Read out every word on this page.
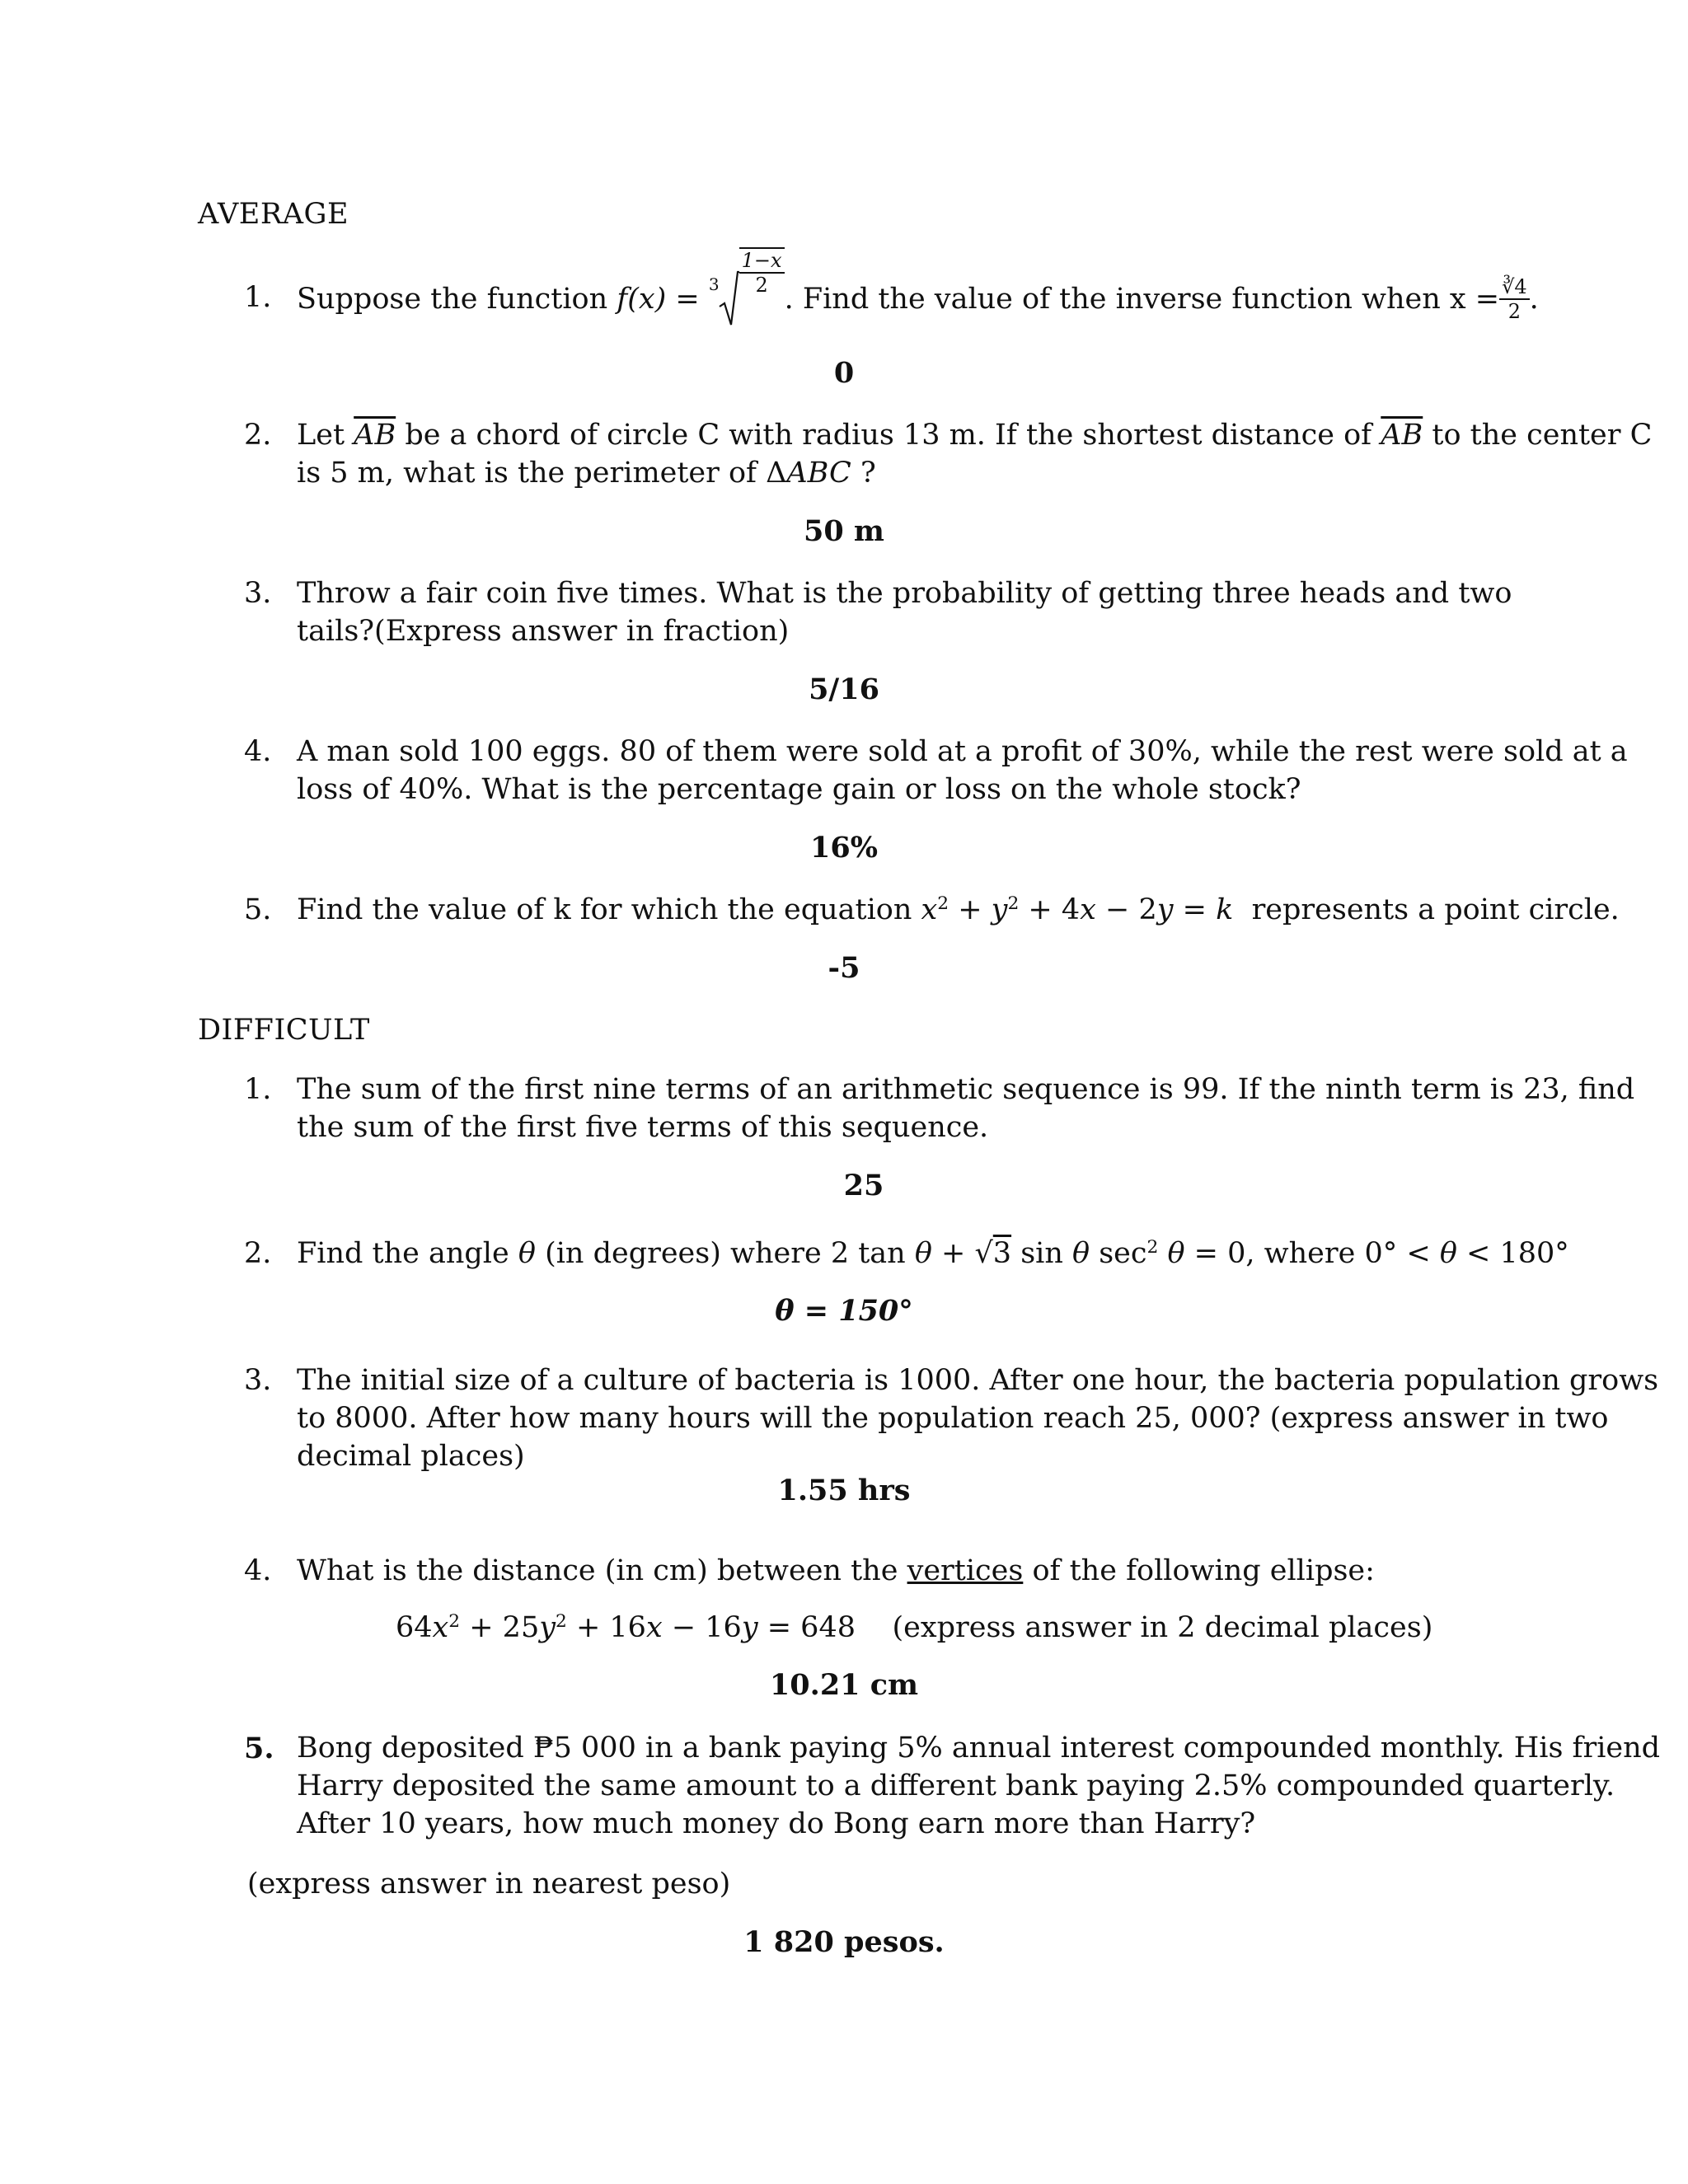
AVERAGE
1. Suppose the function
f(x) =
$3 \frac{1-x}{2}$
. Find the value of the inverse function when $x = \frac{∛4}{2}$ .
0
2. Let $\overline{AB}$ be a chord of circle C with radius 13 m. If the shortest distance of $\overline{AB}$ to the center C
is 5 m, what is the perimeter of ΔABC ?
50 m
3. Throw a fair coin five times. What is the probability of getting three heads and two
tails?(Express answer in fraction)
5/16
4. A man sold 100 eggs. 80 of them were sold at a profit of 30%, while the rest were sold at a
loss of 40%. What is the percentage gain or loss on the whole stock?
16%
5. Find the value of k for which the equation $x^2 + y^2 + 4x - 2y = k$ represents a point circle.
-5
DIFFICULT
1. The sum of the first nine terms of an arithmetic sequence is 99. If the ninth term is 23, find
the sum of the first five terms of this sequence.
25
2. Find the angle θ (in degrees) where 2 tan θ + √3 sin θ $\sec^2 \theta = 0$, where 0° < θ < 180°
θ = 150°
3. The initial size of a culture of bacteria is 1000. After one hour, the bacteria population grows
to 8000. After how many hours will the population reach 25, 000? (express answer in two
decimal places)
1.55 hrs
4. What is the distance (in cm) between the vertices of the following ellipse:
$64x^2 + 25y^2 + 16x - 16y = 648$ (express answer in 2 decimal places)
10.21 cm
5. Bong deposited ₱5 000 in a bank paying 5% annual interest compounded monthly. His friend
Harry deposited the same amount to a different bank paying 2.5% compounded quarterly.
After 10 years, how much money do Bong earn more than Harry?
(express answer in nearest peso)
1 820 pesos.
